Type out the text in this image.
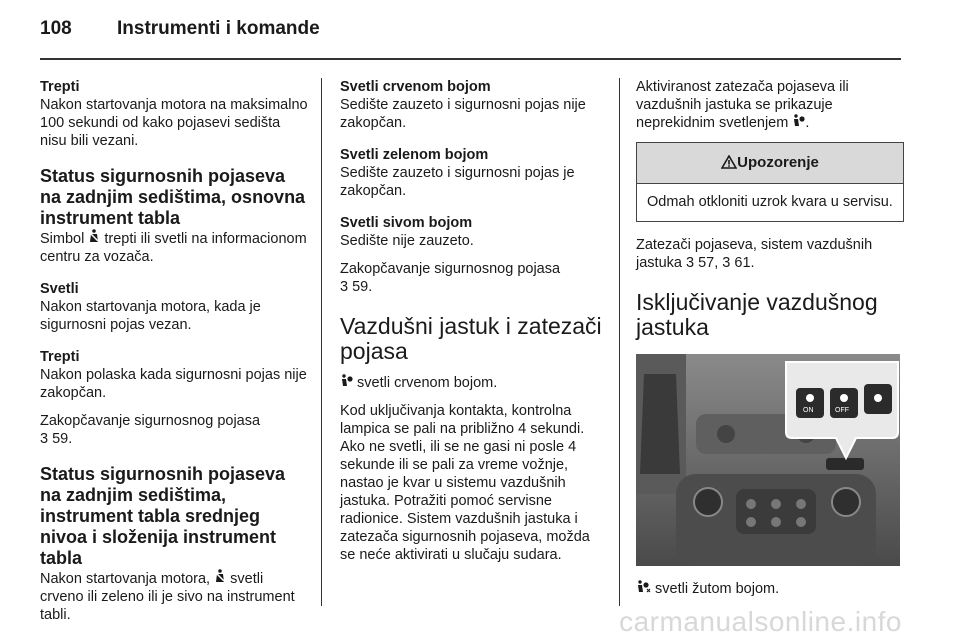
108 Instrumenti i komande

Trepti

Nakon startovanja motora na maksimalno 100 sekundi od kako pojasevi sedišta nisu bili vezani.

Status sigurnosnih pojaseva na zadnjim sedištima, osnovna instrument tabla

Simbol trepti ili svetli na informacionom centru za vozača.

Svetli

Nakon startovanja motora, kada je sigurnosni pojas vezan.

Trepti

Nakon polaska kada sigurnosni pojas nije zakopčan.

Zakopčavanje sigurnosnog pojasa

3 59.

Status sigurnosnih pojaseva na zadnjim sedištima, instrument tabla srednjeg nivoa i složenija instrument tabla

Nakon startovanja motora, svetli crveno ili zeleno ili je sivo na instrument tabli.

Svetli crvenom bojom

Sedište zauzeto i sigurnosni pojas nije zakopčan.

Svetli zelenom bojom

Sedište zauzeto i sigurnosni pojas je zakopčan.

Svetli sivom bojom

Sedište nije zauzeto.

Zakopčavanje sigurnosnog pojasa

3 59.

Vazdušni jastuk i zatezači pojasa

svetli crvenom bojom.

Kod uključivanja kontakta, kontrolna lampica se pali na približno 4 sekundi. Ako ne svetli, ili se ne gasi ni posle 4 sekunde ili se pali za vreme vožnje, nastao je kvar u sistemu vazdušnih jastuka. Potražiti pomoć servisne radionice. Sistem vazdušnih jastuka i zatezača sigurnosnih pojaseva, možda se neće aktivirati u slučaju sudara.

Aktiviranost zatezača pojaseva ili vazdušnih jastuka se prikazuje neprekidnim svetlenjem .

Upozorenje
Odmah otkloniti uzrok kvara u servisu.

Zatezači pojaseva, sistem vazdušnih jastuka 3 57, 3 61.

Isključivanje vazdušnog jastuka

ON	OFF

svetli žutom bojom.

carmanualsonline.info
